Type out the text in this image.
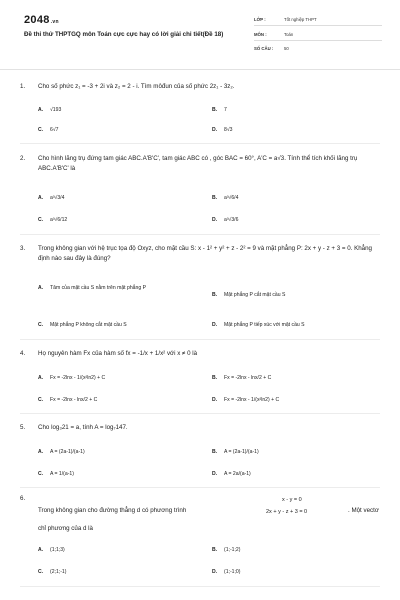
2048.vn
Đề thi thử THPTGQ môn Toán cực cực hay có lời giải chi tiết(Đề 18)
LỚP :	Tốt nghiệp THPT
MÔN :	Toán
SỐ CÂU : 50
1.	Cho số phức z₁ = -3 + 2i và z₂ = 2 - i. Tìm môđun của số phức 2z₁ - 3z₂.
A. √193	B. 7
C. 6√7	D. 8√3
2.	Cho hình lăng trụ đứng tam giác ABC.A'B'C', tam giác ABC có , góc BAC = 60°, A'C = a√3. Tính thể tích khối lăng trụ ABC.A'B'C' là
A. a³√3/4	B. a³√6/4
C. a³√6/12	D. a³√3/6
3.	Trong không gian với hệ trục tọa độ Oxyz, cho mặt cầu S: x - 1² + y² + z - 2² = 9 và mặt phẳng P: 2x + y - z + 3 = 0. Khẳng định nào sau đây là đúng?
A. Tâm của mặt cầu S nằm trên mặt phẳng P
B. Mặt phẳng P cắt mặt cầu S
C. Mặt phẳng P không cắt mặt cầu S	D. Mặt phẳng P tiếp xúc với mặt cầu S
4.	Họ nguyên hàm Fx của hàm số fx = -1/x + 1/x² với x ≠ 0 là
A. Fx = -2lnx - 1/(x²ln2) + C	B. Fx = -2lnx - lnx/2 + C
C. Fx = -2lnx - lnx/2 + C	D. Fx = -2lnx - 1/(x²ln2) + C
5.	Cho log₃21 = a, tính A = log₇147.
A. A = (2a-1)/(a-1)	B. A = (2a-1)/(a-1)
C. A = 1/(a-1)	D. A = 2a/(a-1)
6.
Trong không gian cho đường thẳng d có phương trình
x - y = 0
2x + y - z + 3 = 0	. Một vectơ
chỉ phương của d là
A. (1;1;3)	B. (1;-1;2)
C. (2;1;-1)	D. (1;-1;0)
